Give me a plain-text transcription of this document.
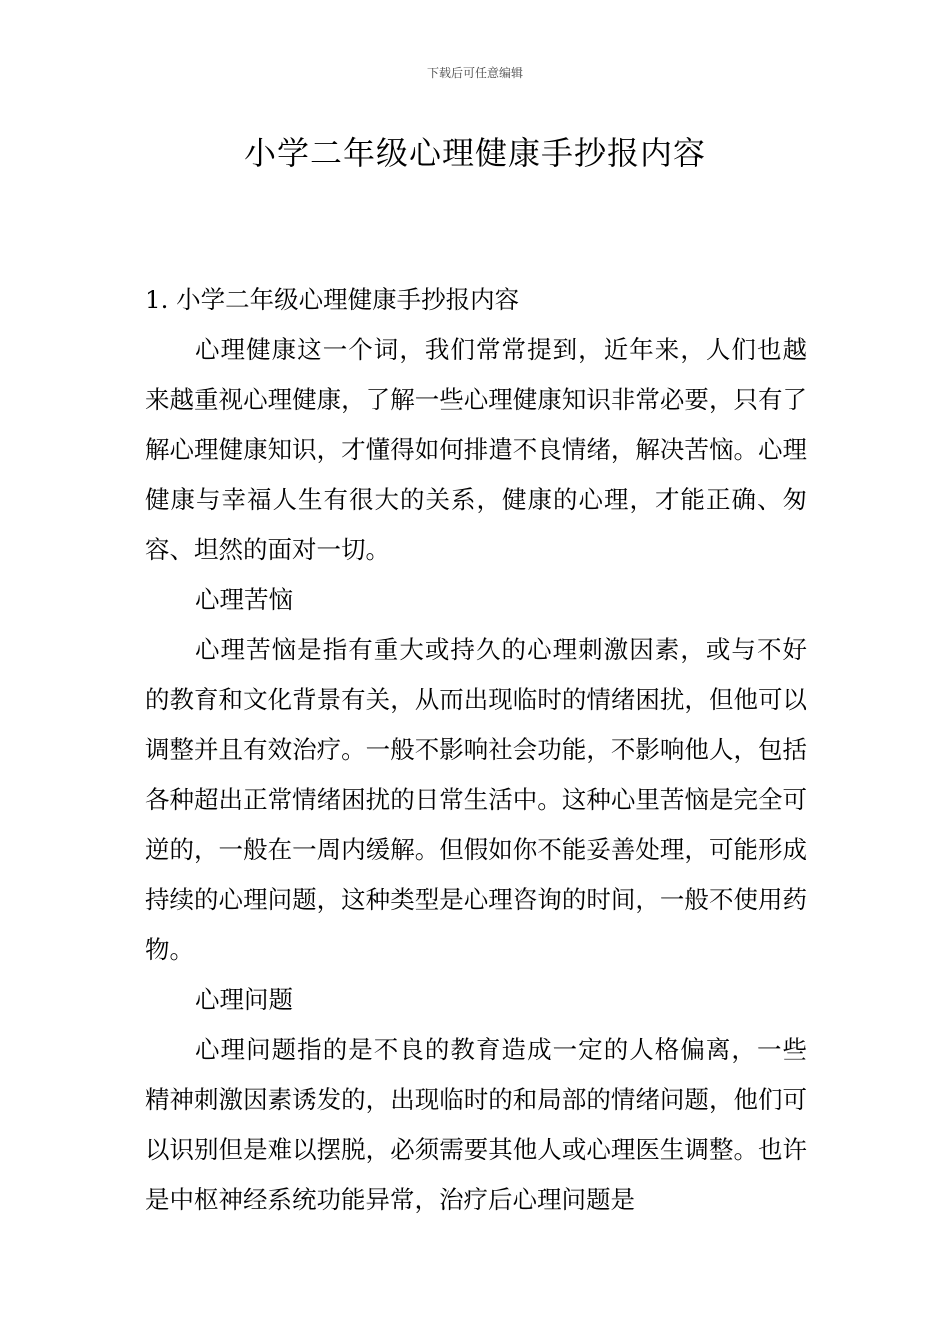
下载后可任意编辑
小学二年级心理健康手抄报内容

1. 小学二年级心理健康手抄报内容

心理健康这一个词，我们常常提到，近年来，人们也越来越重视心理健康，了解一些心理健康知识非常必要，只有了解心理健康知识，才懂得如何排遣不良情绪，解决苦恼。心理健康与幸福人生有很大的关系，健康的心理，才能正确、匆容、坦然的面对一切。

心理苦恼

心理苦恼是指有重大或持久的心理刺激因素，或与不好的教育和文化背景有关，从而出现临时的情绪困扰，但他可以调整并且有效治疗。一般不影响社会功能，不影响他人，包括各种超出正常情绪困扰的日常生活中。这种心里苦恼是完全可逆的，一般在一周内缓解。但假如你不能妥善处理，可能形成持续的心理问题，这种类型是心理咨询的时间，一般不使用药物。

心理问题

心理问题指的是不良的教育造成一定的人格偏离，一些精神刺激因素诱发的，出现临时的和局部的情绪问题，他们可以识别但是难以摆脱，必须需要其他人或心理医生调整。也许是中枢神经系统功能异常，治疗后心理问题是
